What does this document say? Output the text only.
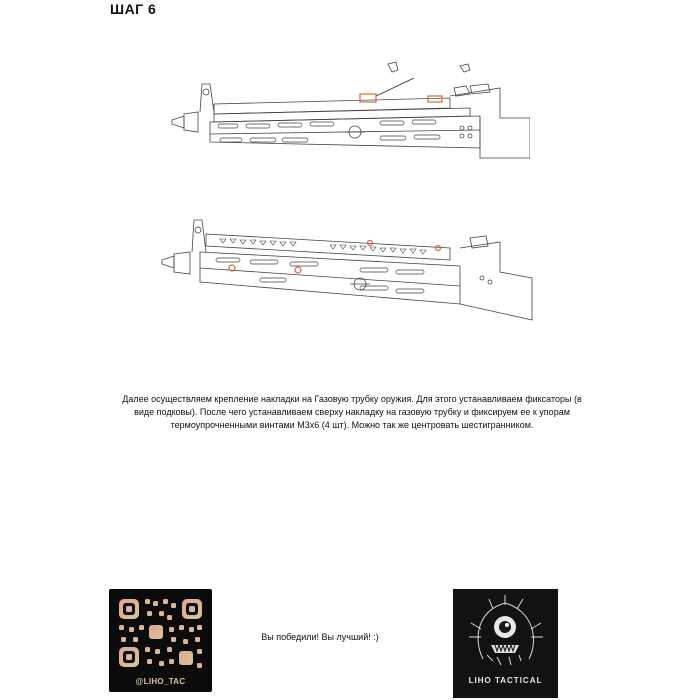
ШАГ 6
Далее осуществляем крепление накладки на Газовую трубку оружия. Для этого устанавливаем фиксаторы (в виде подковы). После чего устанавливаем сверху накладку на газовую трубку и фиксируем ее к упорам термоупрочненными винтами М3х6 (4 шт). Можно так же центровать шестигранником.
@LIHO_TAC
Вы победили! Вы лучший! :)
LIHO TACTICAL
